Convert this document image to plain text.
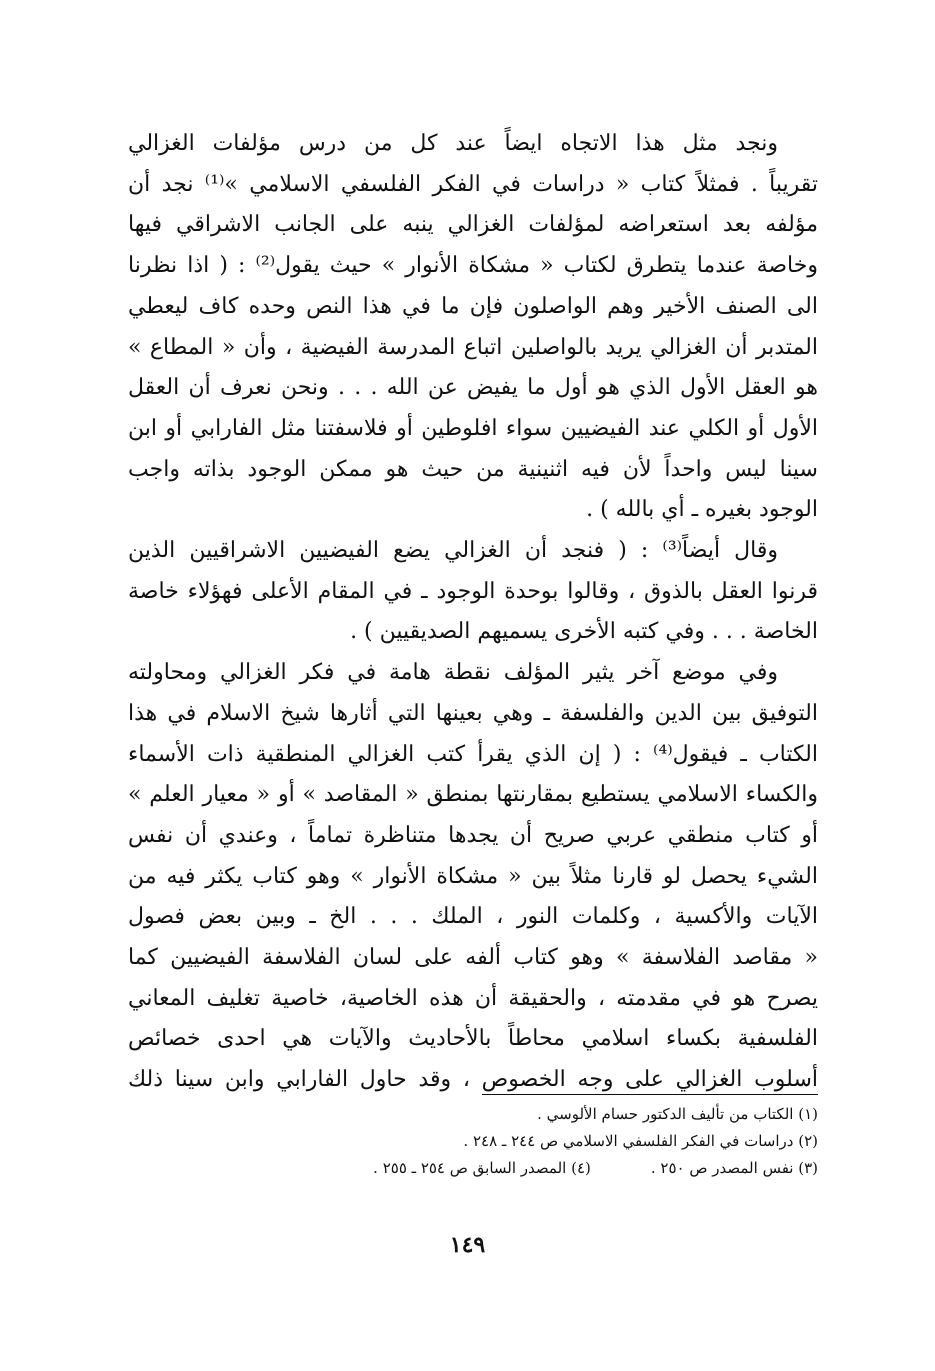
ونجد مثل هذا الاتجاه ايضاً عند كل من درس مؤلفات الغزالي
تقريباً . فمثلاً كتاب « دراسات في الفكر الفلسفي الاسلامي »⁽¹⁾ نجد أن
مؤلفه بعد استعراضه لمؤلفات الغزالي ينبه على الجانب الاشراقي فيها
وخاصة عندما يتطرق لكتاب « مشكاة الأنوار » حيث يقول⁽²⁾ : ( اذا نظرنا
الى الصنف الأخير وهم الواصلون فإن ما في هذا النص وحده كاف ليعطي
المتدبر أن الغزالي يريد بالواصلين اتباع المدرسة الفيضية ، وأن « المطاع »
هو العقل الأول الذي هو أول ما يفيض عن الله . . . ونحن نعرف أن العقل
الأول أو الكلي عند الفيضيين سواء افلوطين أو فلاسفتنا مثل الفارابي أو ابن
سينا ليس واحداً لأن فيه اثنينية من حيث هو ممكن الوجود بذاته واجب
الوجود بغيره ـ أي بالله ) .

وقال أيضاً⁽³⁾ : ( فنجد أن الغزالي يضع الفيضيين الاشراقيين الذين
قرنوا العقل بالذوق ، وقالوا بوحدة الوجود ـ في المقام الأعلى فهؤلاء خاصة
الخاصة . . . وفي كتبه الأخرى يسميهم الصديقيين ) .

وفي موضع آخر يثير المؤلف نقطة هامة في فكر الغزالي ومحاولته
التوفيق بين الدين والفلسفة ـ وهي بعينها التي أثارها شيخ الاسلام في هذا
الكتاب ـ فيقول⁽⁴⁾ : ( إن الذي يقرأ كتب الغزالي المنطقية ذات الأسماء
والكساء الاسلامي يستطيع بمقارنتها بمنطق « المقاصد » أو « معيار العلم »
أو كتاب منطقي عربي صريح أن يجدها متناظرة تماماً ، وعندي أن نفس
الشيء يحصل لو قارنا مثلاً بين « مشكاة الأنوار » وهو كتاب يكثر فيه من
الآيات والأكسية ، وكلمات النور ، الملك . . . الخ ـ وبين بعض فصول
« مقاصد الفلاسفة » وهو كتاب ألفه على لسان الفلاسفة الفيضيين كما
يصرح هو في مقدمته ، والحقيقة أن هذه الخاصية، خاصية تغليف المعاني
الفلسفية بكساء اسلامي محاطاً بالأحاديث والآيات هي احدى خصائص
أسلوب الغزالي على وجه الخصوص ، وقد حاول الفارابي وابن سينا ذلك

(١) الكتاب من تأليف الدكتور حسام الألوسي .
(٢) دراسات في الفكر الفلسفي الاسلامي ص ٢٤٤ ـ ٢٤٨ .
(٣) نفس المصدر ص ٢٥٠ .
(٤) المصدر السابق ص ٢٥٤ ـ ٢٥٥ .
١٤٩
